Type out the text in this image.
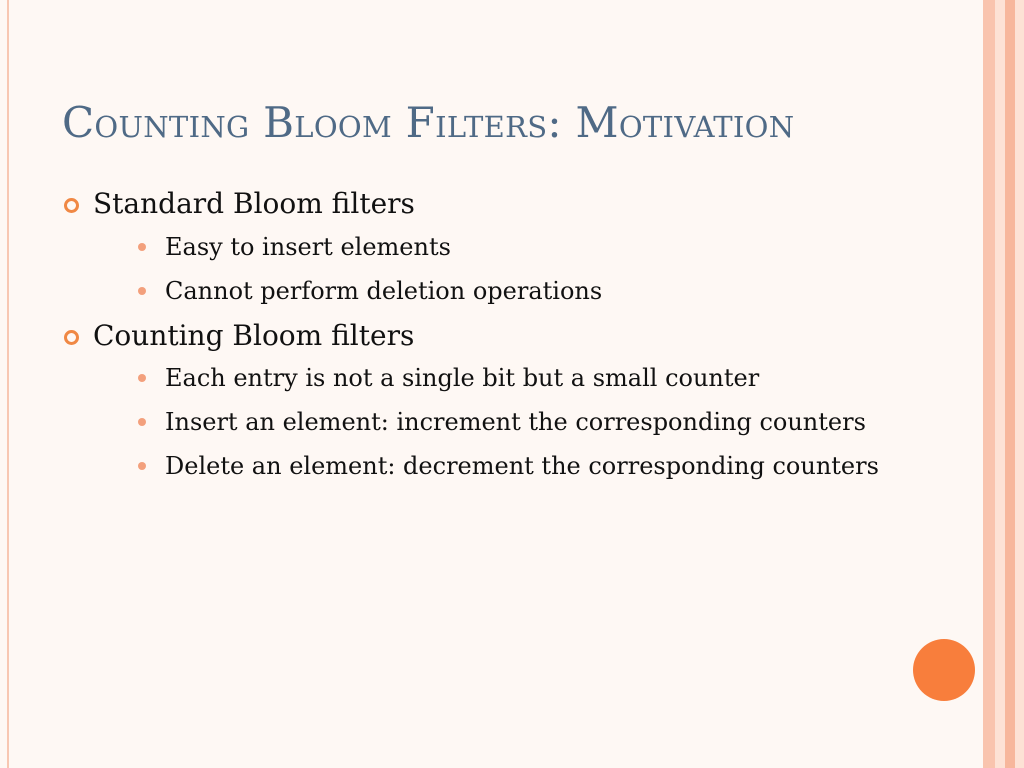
Counting Bloom Filters: Motivation
Standard Bloom filters
Easy to insert elements
Cannot perform deletion operations
Counting Bloom filters
Each entry is not a single bit but a small counter
Insert an element: increment the corresponding counters
Delete an element: decrement the corresponding counters
